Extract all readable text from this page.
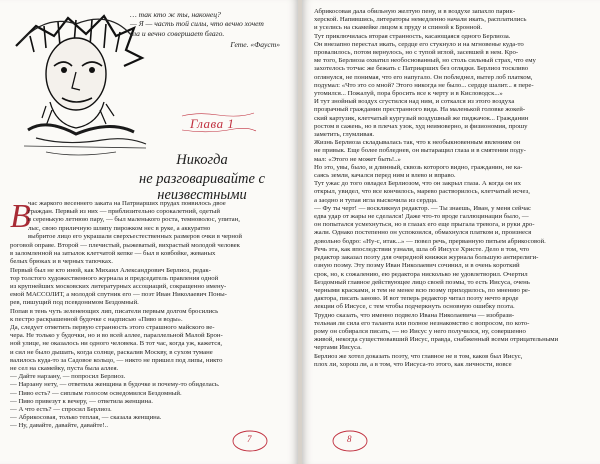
… так кто ж ты, наконец?
— Я — часть той силы, что вечно хочет
зла и вечно совершает благо.
Гете. «Фауст»
Глава 1
Никогда
не разговаривайте с неизвестными
В
час жаркого весеннего заката на Патриарших прудах появилось двое
граждан. Первый из них — приблизительно сорокалетний, одетый
в серенькую летнюю пару, — был маленького роста, темноволос, упитан,
лыс, свою приличную шляпу пирожком нес в руке, а аккуратно
выбритое лицо его украшали сверхъестественных размеров очки в черной
роговой оправе. Второй — плечистый, рыжеватый, вихрастый молодой человек
в заломленной на затылок клетчатой кепке — был в ковбойке, жеваных
белых брюках и в черных тапочках.
Первый был не кто иной, как Михаил Александрович Берлиоз, редак-
тор толстого художественного журнала и председатель правления одной
из крупнейших московских литературных ассоциаций, сокращенно имену-
емой МАССОЛИТ, а молодой спутник его — поэт Иван Николаевич Поны-
рев, пишущий под псевдонимом Бездомный.
Попав в тень чуть зеленеющих лип, писатели первым долгом бросились
к пестро раскрашенной будочке с надписью «Пиво и воды».
Да, следует отметить первую странность этого страшного майского ве-
чера. Не только у будочки, но и во всей аллее, параллельной Малой Брон-
ной улице, не оказалось ни одного человека. В тот час, когда уж, кажется,
и сил не было дышать, когда солнце, раскалив Москву, в сухом тумане
валилось куда-то за Садовое кольцо, — никто не пришел под липы, никто
не сел на скамейку, пуста была аллея.
— Дайте нарзану, — попросил Берлиоз.
— Нарзану нету, — ответила женщина в будочке и почему-то обиделась.
— Пиво есть? — сиплым голосом осведомился Бездомный.
— Пиво привезут к вечеру, — ответила женщина.
— А что есть? — спросил Берлиоз.
— Абрикосовая, только теплая, — сказала женщина.
— Ну, давайте, давайте, давайте!..
7
Абрикосовая дала обильную желтую пену, и в воздухе запахло парик-
херской. Напившись, литераторы немедленно начали икать, расплатились
и уселись на скамейке лицом к пруду и спиной к Бронной.
Тут приключилась вторая странность, касающаяся одного Берлиоза.
Он внезапно перестал икать, сердце его стукнуло и на мгновенье куда-то
провалилось, потом вернулось, но с тупой иглой, засевшей в нем. Кро-
ме того, Берлиоза охватил необоснованный, но столь сильный страх, что ему
захотелось тотчас же бежать с Патриарших без оглядки. Берлиоз тоскливо
оглянулся, не понимая, что его напугало. Он побледнел, вытер лоб платком,
подумал: «Что это со мной? Этого никогда не было... сердце шалит... я пере-
утомился... Пожалуй, пора бросить все к черту и в Кисловодск...»
И тут знойный воздух сгустился над ним, и соткался из этого воздуха
прозрачный гражданин престранного вида. На маленькой головке жокей-
ский картузик, клетчатый кургузый воздушный же пиджачок... Гражданин
ростом в сажень, но в плечах узок, худ неимоверно, и физиономия, прошу
заметить, глумливая.
Жизнь Берлиоза складывалась так, что к необыкновенным явлениям он
не привык. Еще более побледнев, он вытаращил глаза и в смятении поду-
мал: «Этого не может быть!..»
Но это, увы, было, и длинный, сквозь которого видно, гражданин, не ка-
саясь земли, качался перед ним и влево и вправо.
Тут ужас до того овладел Берлиозом, что он закрыл глаза. А когда он их
открыл, увидел, что все кончилось, марево растворилось, клетчатый исчез,
а заодно и тупая игла выскочила из сердца.
— Фу ты черт! — воскликнул редактор. — Ты знаешь, Иван, у меня сейчас
едва удар от жары не сделался! Даже что-то вроде галлюцинации было, —
он попытался усмехнуться, но в глазах его еще прыгала тревога, и руки дро-
жали. Однако постепенно он успокоился, обмахнулся платком и, произнеся
довольно бодро: «Ну-с, итак...» — повел речь, прерванную питьем абрикосовой.
Речь эта, как впоследствии узнали, шла об Иисусе Христе. Дело в том, что
редактор заказал поэту для очередной книжки журнала большую антирелиги-
озную поэму. Эту поэму Иван Николаевич сочинил, и в очень короткий
срок, но, к сожалению, ею редактора нисколько не удовлетворил. Очертил
Бездомный главное действующее лицо своей поэмы, то есть Иисуса, очень
черными красками, и тем не менее всю поэму приходилось, по мнению ре-
дактора, писать заново. И вот теперь редактор читал поэту нечто вроде
лекции об Иисусе, с тем чтобы подчеркнуть основную ошибку поэта.
Трудно сказать, что именно подвело Ивана Николаевича — изобрази-
тельная ли сила его таланта или полное незнакомство с вопросом, по кото-
рому он собирался писать, — но Иисус у него получился, ну, совершенно
живой, некогда существовавший Иисус, правда, снабженный всеми отрицательными
чертами Иисуса.
Берлиоз же хотел доказать поэту, что главное не в том, каков был Иисус,
плох ли, хорош ли, а в том, что Иисуса-то этого, как личности, вовсе
8
